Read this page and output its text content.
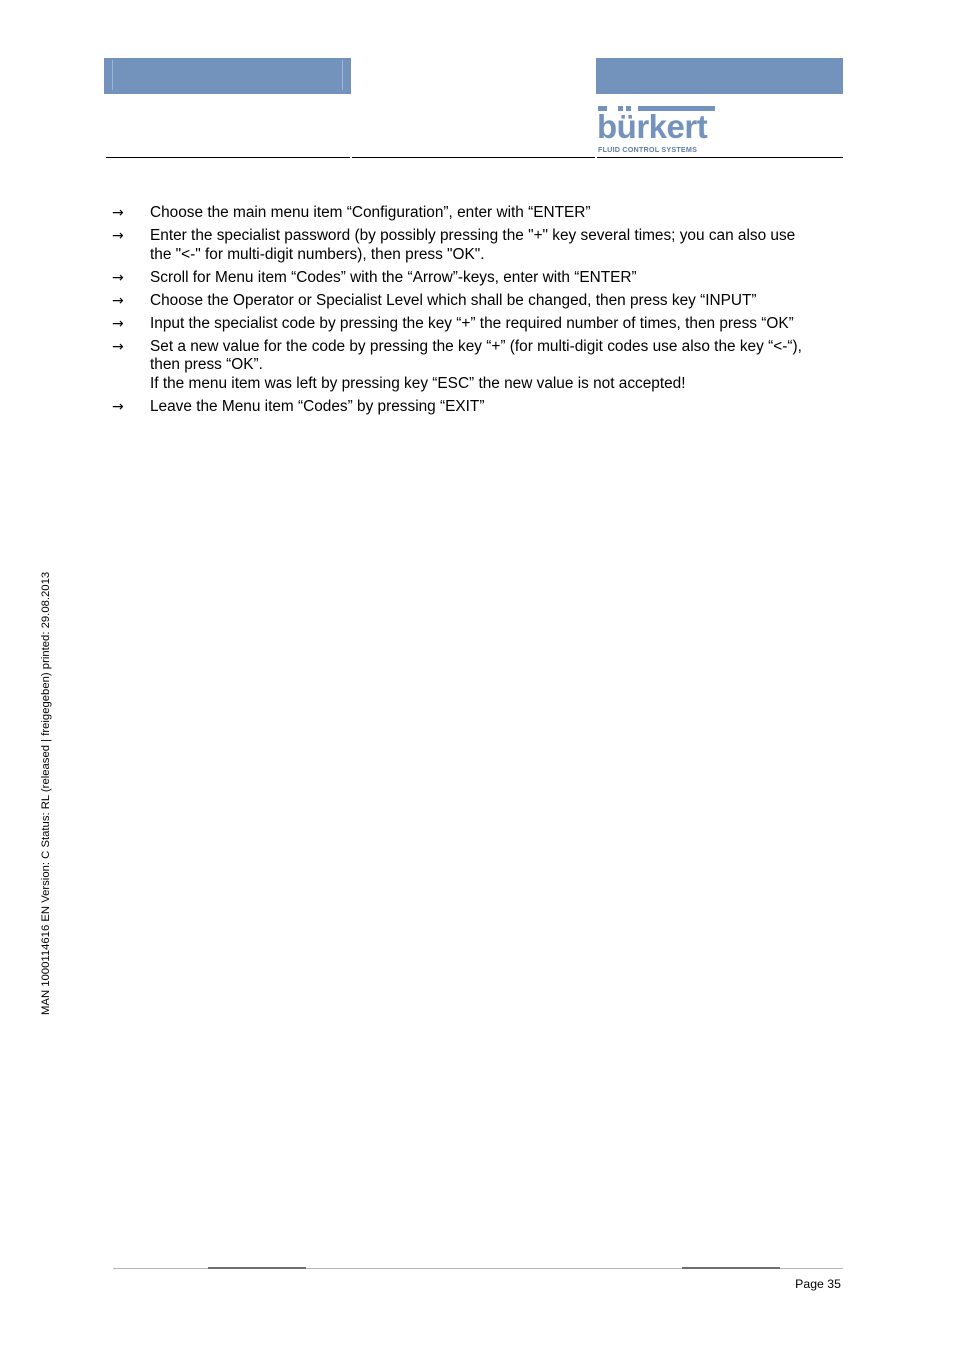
bürkert
FLUID CONTROL SYSTEMS
→	Choose the main menu item “Configuration”, enter with “ENTER”
→	Enter the specialist password (by possibly pressing the "+" key several times; you can also use
the "<-" for multi-digit numbers), then press "OK".
→	Scroll for Menu item “Codes” with the “Arrow”-keys, enter with “ENTER”
→	Choose the Operator or Specialist Level which shall be changed, then press key “INPUT”
→	Input the specialist code by pressing the key “+” the required number of times, then press “OK”
→	Set a new value for the code by pressing the key “+” (for multi-digit codes use also the key “<-“),
then press “OK”.
If the menu item was left by pressing key “ESC” the new value is not accepted!
→	Leave the Menu item “Codes” by pressing “EXIT”
MAN 1000114616 EN Version: C Status: RL (released | freigegeben) printed: 29.08.2013
Page 35
